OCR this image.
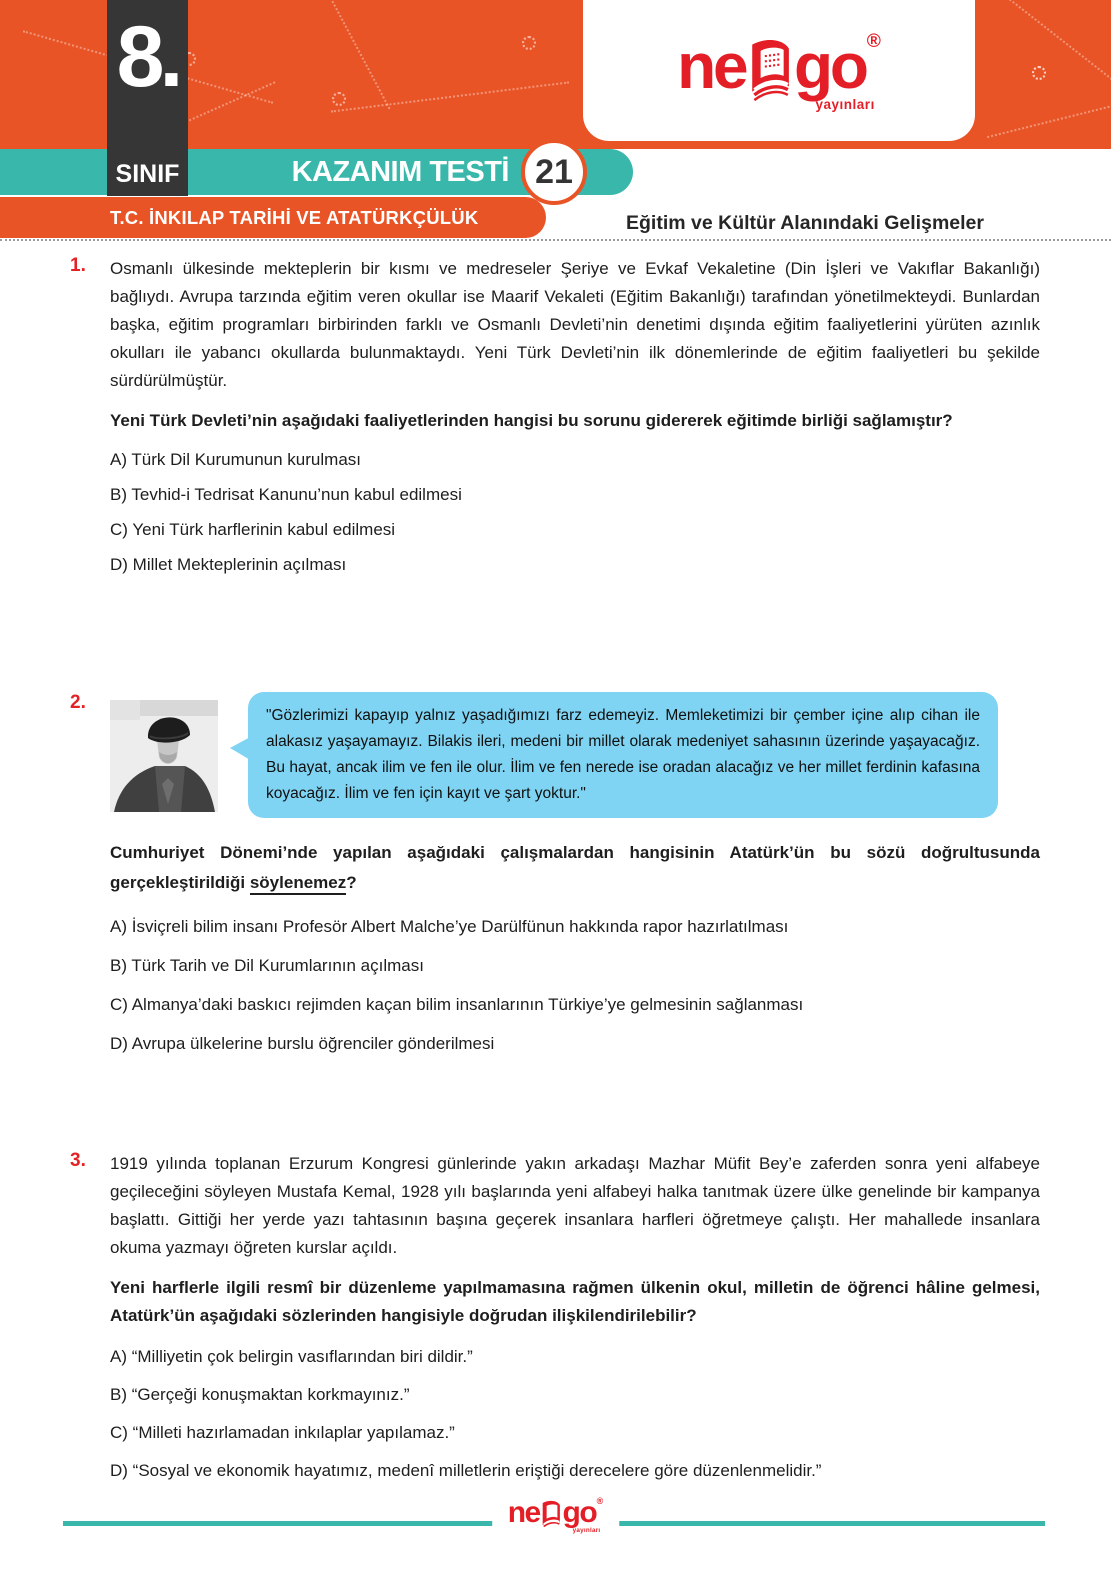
ne go ®
yayınları
8.
SINIF	KAZANIM TESTİ 21
T.C. İNKILAP TARİHİ VE ATATÜRKÇÜLÜK	Eğitim ve Kültür Alanındaki Gelişmeler
1. Osmanlı ülkesinde mekteplerin bir kısmı ve medreseler Şeriye ve Evkaf Vekaletine (Din İşleri ve Vakıflar Bakanlığı) bağlıydı. Avrupa tarzında eğitim veren okullar ise Maarif Vekaleti (Eğitim Bakanlığı) tarafından yönetilmekteydi. Bunlardan başka, eğitim programları birbirinden farklı ve Osmanlı Devleti’nin denetimi dışında eğitim faaliyetlerini yürüten azınlık okulları ile yabancı okullarda bulunmaktaydı. Yeni Türk Devleti’nin ilk dönemlerinde de eğitim faaliyetleri bu şekilde sürdürülmüştür.
Yeni Türk Devleti’nin aşağıdaki faaliyetlerinden hangisi bu sorunu gidererek eğitimde birliği sağlamıştır?
A) Türk Dil Kurumunun kurulması
B) Tevhid-i Tedrisat Kanunu’nun kabul edilmesi
C) Yeni Türk harflerinin kabul edilmesi
D) Millet Mekteplerinin açılması
2.
"Gözlerimizi kapayıp yalnız yaşadığımızı farz edemeyiz. Memleketimizi bir çember içine alıp cihan ile alakasız yaşayamayız. Bilakis ileri, medeni bir millet olarak medeniyet sahasının üzerinde yaşayacağız. Bu hayat, ancak ilim ve fen ile olur. İlim ve fen nerede ise oradan alacağız ve her millet ferdinin kafasına koyacağız. İlim ve fen için kayıt ve şart yoktur."
Cumhuriyet Dönemi’nde yapılan aşağıdaki çalışmalardan hangisinin Atatürk’ün bu sözü doğrultusunda gerçekleştirildiği söylenemez?
A) İsviçreli bilim insanı Profesör Albert Malche’ye Darülfünun hakkında rapor hazırlatılması
B) Türk Tarih ve Dil Kurumlarının açılması
C) Almanya’daki baskıcı rejimden kaçan bilim insanlarının Türkiye’ye gelmesinin sağlanması
D) Avrupa ülkelerine burslu öğrenciler gönderilmesi
3. 1919 yılında toplanan Erzurum Kongresi günlerinde yakın arkadaşı Mazhar Müfit Bey’e zaferden sonra yeni alfabeye geçileceğini söyleyen Mustafa Kemal, 1928 yılı başlarında yeni alfabeyi halka tanıtmak üzere ülke genelinde bir kampanya başlattı. Gittiği her yerde yazı tahtasının başına geçerek insanlara harfleri öğretmeye çalıştı. Her mahallede insanlara okuma yazmayı öğreten kurslar açıldı.
Yeni harflerle ilgili resmî bir düzenleme yapılmamasına rağmen ülkenin okul, milletin de öğrenci hâline gelmesi, Atatürk’ün aşağıdaki sözlerinden hangisiyle doğrudan ilişkilendirilebilir?
A) “Milliyetin çok belirgin vasıflarından biri dildir.”
B) “Gerçeği konuşmaktan korkmayınız.”
C) “Milleti hazırlamadan inkılaplar yapılamaz.”
D) “Sosyal ve ekonomik hayatımız, medenî milletlerin eriştiği derecelere göre düzenlenmelidir.”
ne go ®
yayınları
